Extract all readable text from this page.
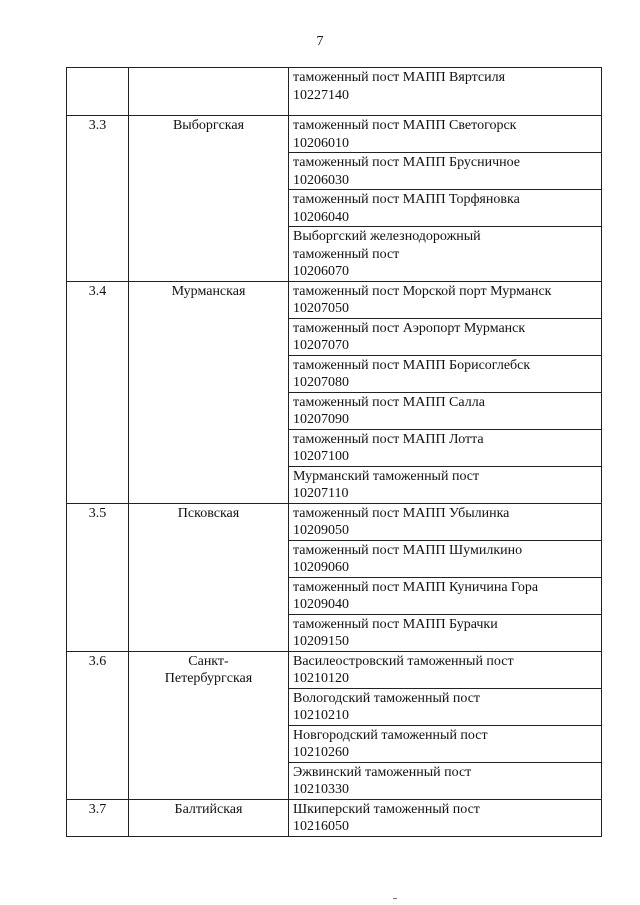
7

		таможенный пост МАПП Вяртсиля
10227140

3.3	Выборгская	таможенный пост МАПП Светогорск
10206010

		таможенный пост МАПП Брусничное
10206030

		таможенный пост МАПП Торфяновка
10206040

		Выборгский железнодорожный
таможенный пост
10206070

3.4	Мурманская	таможенный пост Морской порт Мурманск
10207050

		таможенный пост Аэропорт Мурманск
10207070

		таможенный пост МАПП Борисоглебск
10207080

		таможенный пост МАПП Салла
10207090

		таможенный пост МАПП Лотта
10207100

		Мурманский таможенный пост
10207110

3.5	Псковская	таможенный пост МАПП Убылинка
10209050

		таможенный пост МАПП Шумилкино
10209060

		таможенный пост МАПП Куничина Гора
10209040

		таможенный пост МАПП Бурачки
10209150

3.6	Санкт-
Петербургская	Василеостровский таможенный пост
10210120

		Вологодский таможенный пост
10210210

		Новгородский таможенный пост
10210260

		Эжвинский таможенный пост
10210330

3.7	Балтийская	Шкиперский таможенный пост
10216050
